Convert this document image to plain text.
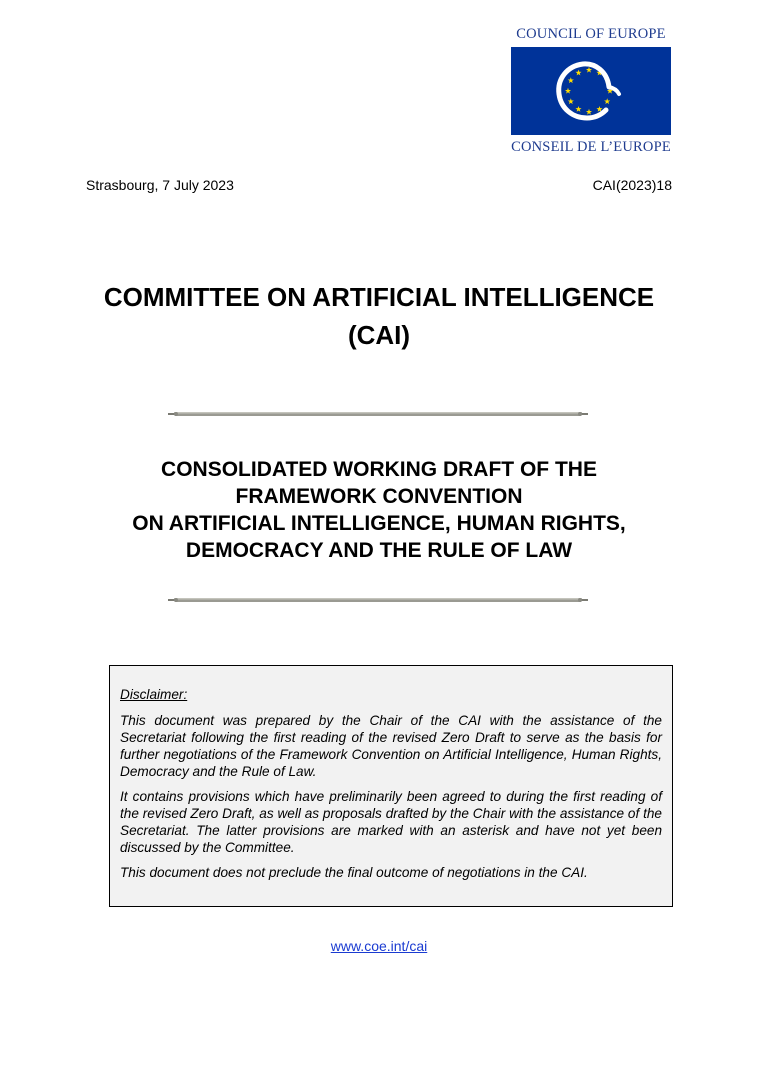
COUNCIL OF EUROPE
CONSEIL DE L’EUROPE
Strasbourg, 7 July 2023	CAI(2023)18
COMMITTEE ON ARTIFICIAL INTELLIGENCE
(CAI)
CONSOLIDATED WORKING DRAFT OF THE
FRAMEWORK CONVENTION
ON ARTIFICIAL INTELLIGENCE, HUMAN RIGHTS,
DEMOCRACY AND THE RULE OF LAW

Disclaimer:

This document was prepared by the Chair of the CAI with the assistance of the Secretariat following the first reading of the revised Zero Draft to serve as the basis for further negotiations of the Framework Convention on Artificial Intelligence, Human Rights, Democracy and the Rule of Law.

It contains provisions which have preliminarily been agreed to during the first reading of the revised Zero Draft, as well as proposals drafted by the Chair with the assistance of the Secretariat. The latter provisions are marked with an asterisk and have not yet been discussed by the Committee.

This document does not preclude the final outcome of negotiations in the CAI.

www.coe.int/cai
